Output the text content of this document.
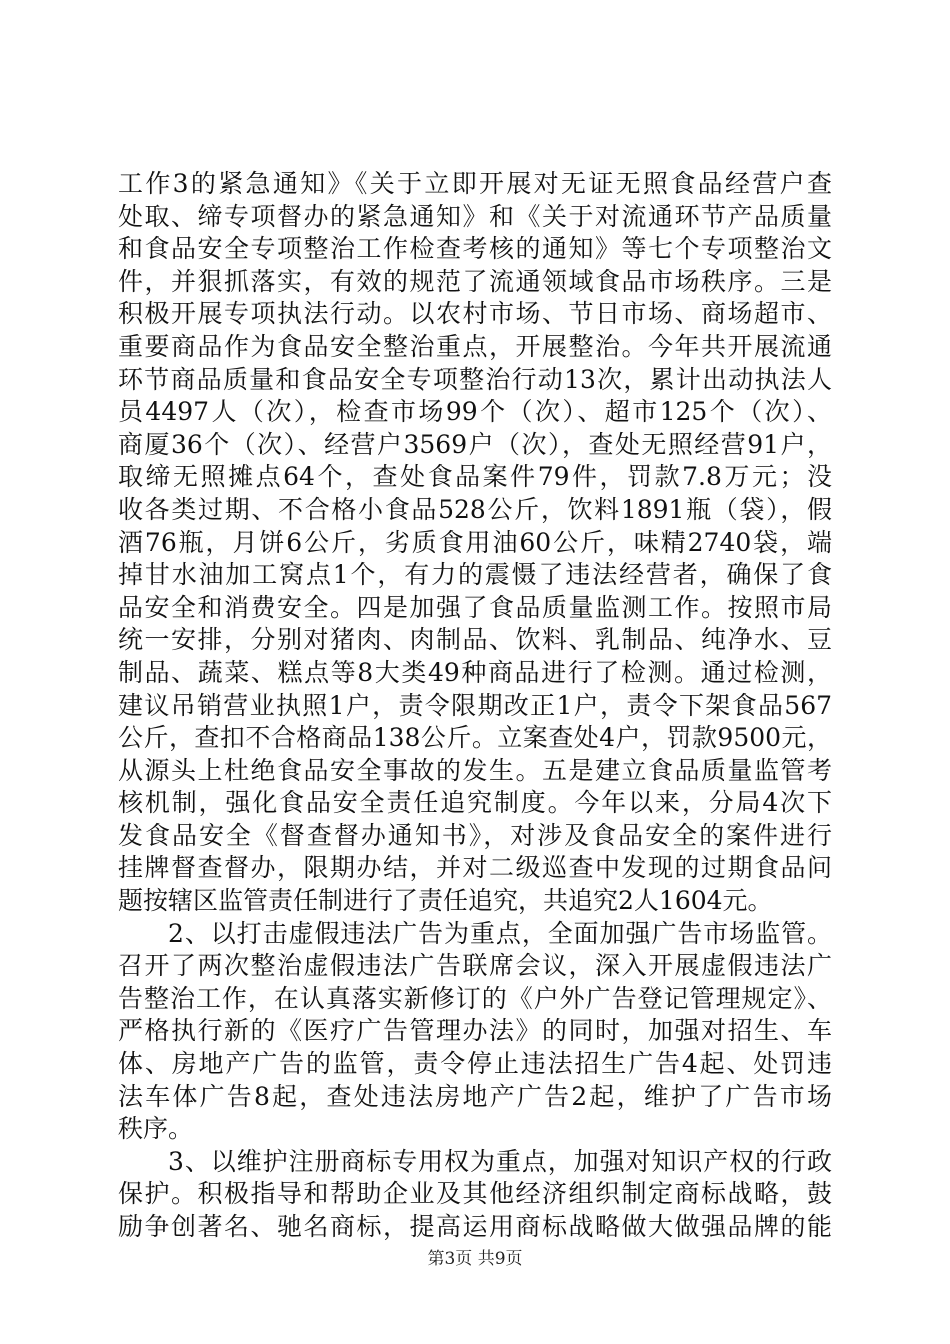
工作3的紧急通知》《关于立即开展对无证无照食品经营户查
处取、缔专项督办的紧急通知》和《关于对流通环节产品质量
和食品安全专项整治工作检查考核的通知》等七个专项整治文
件，并狠抓落实，有效的规范了流通领域食品市场秩序。三是
积极开展专项执法行动。以农村市场、节日市场、商场超市、
重要商品作为食品安全整治重点，开展整治。今年共开展流通
环节商品质量和食品安全专项整治行动13次，累计出动执法人
员4497人（次），检查市场99个（次）、超市125个（次）、
商厦36个（次）、经营户3569户（次），查处无照经营91户，
取缔无照摊点64个，查处食品案件79件，罚款7.8万元；没
收各类过期、不合格小食品528公斤，饮料1891瓶（袋），假
酒76瓶，月饼6公斤，劣质食用油60公斤，味精2740袋，端
掉甘水油加工窝点1个，有力的震慑了违法经营者，确保了食
品安全和消费安全。四是加强了食品质量监测工作。按照市局
统一安排，分别对猪肉、肉制品、饮料、乳制品、纯净水、豆
制品、蔬菜、糕点等8大类49种商品进行了检测。通过检测，
建议吊销营业执照1户，责令限期改正1户，责令下架食品567
公斤，查扣不合格商品138公斤。立案查处4户，罚款9500元，
从源头上杜绝食品安全事故的发生。五是建立食品质量监管考
核机制，强化食品安全责任追究制度。今年以来，分局4次下
发食品安全《督查督办通知书》，对涉及食品安全的案件进行
挂牌督查督办，限期办结，并对二级巡查中发现的过期食品问
题按辖区监管责任制进行了责任追究，共追究2人1604元。

2、以打击虚假违法广告为重点，全面加强广告市场监管。
召开了两次整治虚假违法广告联席会议，深入开展虚假违法广
告整治工作，在认真落实新修订的《户外广告登记管理规定》、
严格执行新的《医疗广告管理办法》的同时，加强对招生、车
体、房地产广告的监管，责令停止违法招生广告4起、处罚违
法车体广告8起，查处违法房地产广告2起，维护了广告市场
秩序。

3、以维护注册商标专用权为重点，加强对知识产权的行政
保护。积极指导和帮助企业及其他经济组织制定商标战略，鼓
励争创著名、驰名商标，提高运用商标战略做大做强品牌的能

第3页 共9页
